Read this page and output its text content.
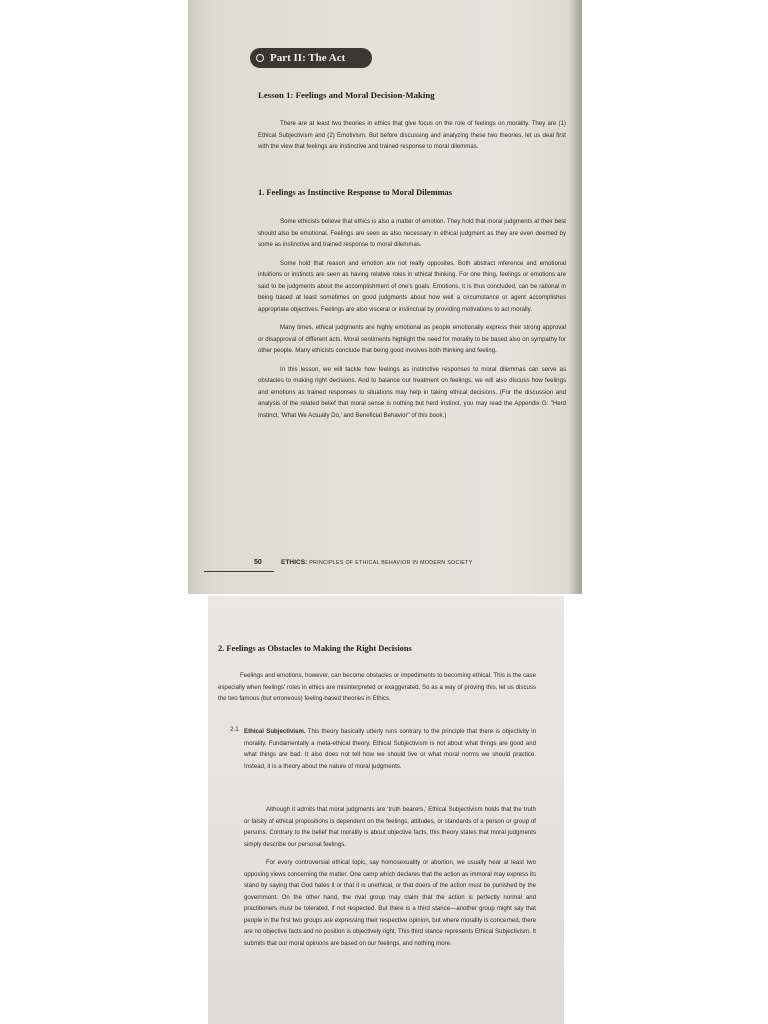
Part II: The Act
Lesson 1: Feelings and Moral Decision-Making

There are at least two theories in ethics that give focus on the role of feelings on morality. They are (1) Ethical Subjectivism and (2) Emotivism. But before discussing and analyzing these two theories, let us deal first with the view that feelings are instinctive and trained response to moral dilemmas.

1. Feelings as Instinctive Response to Moral Dilemmas

Some ethicists believe that ethics is also a matter of emotion. They hold that moral judgments at their best should also be emotional. Feelings are seen as also necessary in ethical judgment as they are even deemed by some as instinctive and trained response to moral dilemmas.

Some hold that reason and emotion are not really opposites. Both abstract inference and emotional intuitions or instincts are seen as having relative roles in ethical thinking. For one thing, feelings or emotions are said to be judgments about the accomplishment of one's goals. Emotions, it is thus concluded, can be rational in being based at least sometimes on good judgments about how well a circumstance or agent accomplishes appropriate objectives. Feelings are also visceral or instinctual by providing motivations to act morally.

Many times, ethical judgments are highly emotional as people emotionally express their strong approval or disapproval of different acts. Moral sentiments highlight the need for morality to be based also on sympathy for other people. Many ethicists conclude that being good involves both thinking and feeling.

In this lesson, we will tackle how feelings as instinctive responses to moral dilemmas can serve as obstacles to making right decisions. And to balance our treatment on feelings, we will also discuss how feelings and emotions as trained responses to situations may help in taking ethical decisions. (For the discussion and analysis of the related belief that moral sense is nothing but herd instinct, you may read the Appendix G: "Herd Instinct, 'What We Actually Do,' and Beneficial Behavior" of this book.)

50	ETHICS: PRINCIPLES OF ETHICAL BEHAVIOR IN MODERN SOCIETY
2. Feelings as Obstacles to Making the Right Decisions

Feelings and emotions, however, can become obstacles or impediments to becoming ethical. This is the case especially when feelings' roles in ethics are misinterpreted or exaggerated. So as a way of proving this, let us discuss the two famous (but erroneous) feeling-based theories in Ethics.

2.1 Ethical Subjectivism. This theory basically utterly runs contrary to the principle that there is objectivity in morality. Fundamentally a meta-ethical theory, Ethical Subjectivism is not about what things are good and what things are bad. It also does not tell how we should live or what moral norms we should practice. Instead, it is a theory about the nature of moral judgments.

Although it admits that moral judgments are 'truth bearers,' Ethical Subjectivism holds that the truth or falsity of ethical propositions is dependent on the feelings, attitudes, or standards of a person or group of persons. Contrary to the belief that morality is about objective facts, this theory states that moral judgments simply describe our personal feelings.

For every controversial ethical topic, say homosexuality or abortion, we usually hear at least two opposing views concerning the matter. One camp which declares that the action as immoral may express its stand by saying that God hates it or that it is unethical, or that doers of the action must be punished by the government. On the other hand, the rival group may claim that the action is perfectly normal and practitioners must be tolerated, if not respected. But there is a third stance—another group might say that people in the first two groups are expressing their respective opinion, but where morality is concerned, there are no objective facts and no position is objectively right. This third stance represents Ethical Subjectivism. It submits that our moral opinions are based on our feelings, and nothing more.
